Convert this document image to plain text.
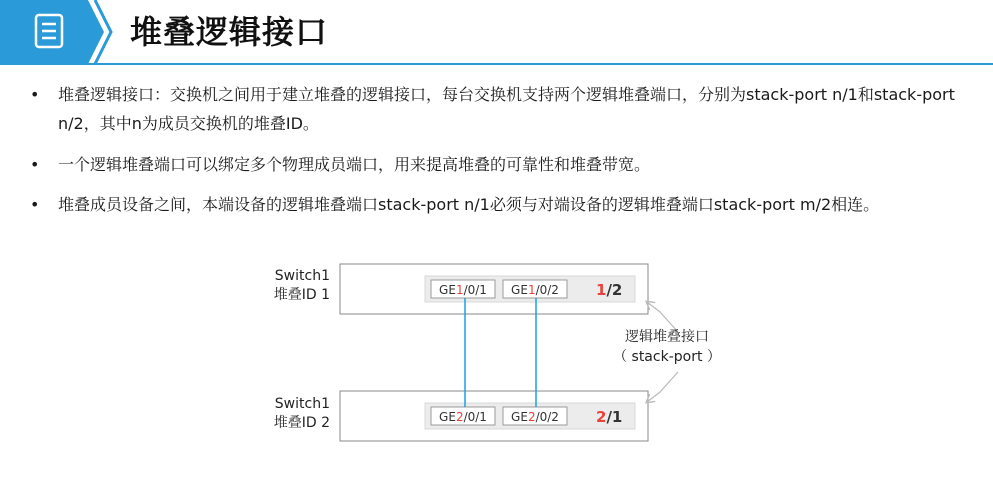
堆叠逻辑接口
• 堆叠逻辑接口：交换机之间用于建立堆叠的逻辑接口，每台交换机支持两个逻辑堆叠端口，分别为stack-port n/1和stack-port n/2，其中n为成员交换机的堆叠ID。
• 一个逻辑堆叠端口可以绑定多个物理成员端口，用来提高堆叠的可靠性和堆叠带宽。
• 堆叠成员设备之间，本端设备的逻辑堆叠端口stack-port n/1必须与对端设备的逻辑堆叠端口stack-port m/2相连。
Switch1
堆叠ID 1	GE1/0/1 GE1/0/2 1/2
Switch1
堆叠ID 2	GE2/0/1 GE2/0/2 2/1
逻辑堆叠接口
（ stack-port ）
